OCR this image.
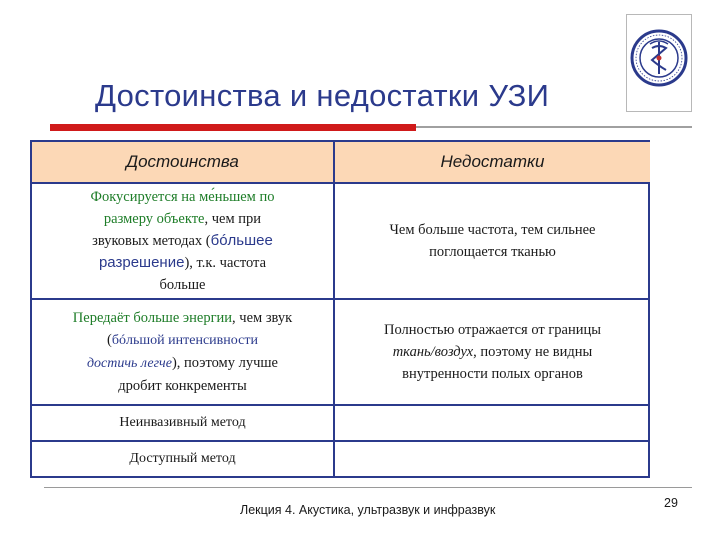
Достоинства и недостатки УЗИ
Достоинства	Недостатки
Фокусируется на ме́ньшем по
размеру объекте, чем при
звуковых методах (бóльшее
разрешение), т.к. частота
больше
Чем больше частота, тем сильнее
поглощается тканью
Передаёт больше энергии, чем звук
(бóльшой интенсивности
достичь легче), поэтому лучше
дробит конкременты
Полностью отражается от границы
ткань/воздух, поэтому не видны
внутренности полых органов
Неинвазивный метод
Доступный метод
Лекция 4. Акустика, ультразвук и инфразвук	29
